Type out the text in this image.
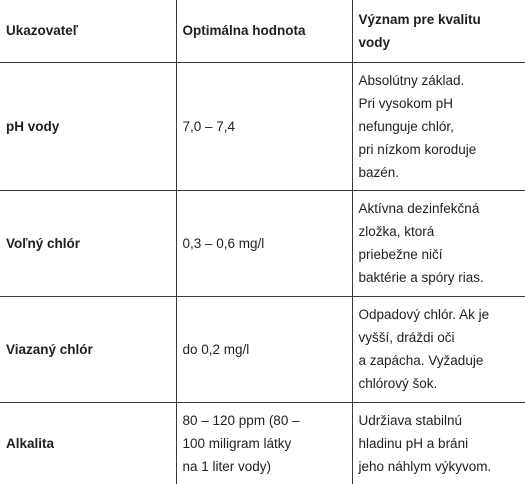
Ukazovateľ	Optimálna hodnota	Význam pre kvalitu
vody

pH vody	7,0 – 7,4	Absolútny základ.
Pri vysokom pH
nefunguje chlór,
pri nízkom koroduje
bazén.

Voľný chlór	0,3 – 0,6 mg/l	Aktívna dezinfekčná
zložka, ktorá
priebežne ničí
baktérie a spóry rias.

Viazaný chlór	do 0,2 mg/l	Odpadový chlór. Ak je
vyšší, dráždi oči
a zapácha. Vyžaduje
chlórový šok.

Alkalita	80 – 120 ppm (80 –
100 miligram látky
na 1 liter vody)	Udržiava stabilnú
hladinu pH a bráni
jeho náhlym výkyvom.
